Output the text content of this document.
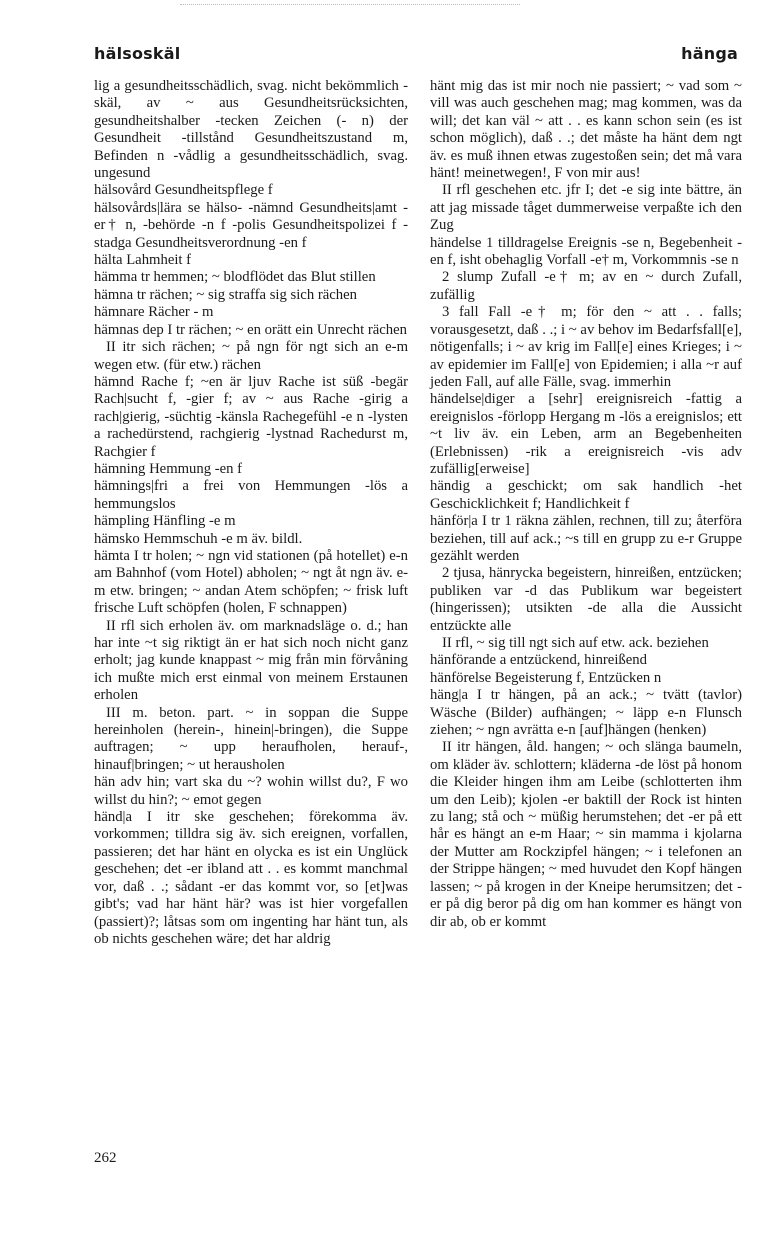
hälsoskäl	hänga

lig a gesundheitsschädlich, svag. nicht bekömmlich -skäl, av ~ aus Gesundheitsrücksichten, gesundheitshalber -tecken Zeichen (- n) der Gesundheit -tillstånd Gesundheitszustand m, Befinden n -vådlig a gesundheitsschädlich, svag. ungesund

hälsovård Gesundheitspflege f

hälsovårds|lära se hälso- -nämnd Gesundheits|amt -er† n, -behörde -n f -polis Gesundheitspolizei f -stadga Gesundheitsverordnung -en f

hälta Lahmheit f

hämma tr hemmen; ~ blodflödet das Blut stillen

hämna tr rächen; ~ sig straffa sig sich rächen

hämnare Rächer - m

hämnas dep I tr rächen; ~ en orätt ein Unrecht rächen

II itr sich rächen; ~ på ngn för ngt sich an e-m wegen etw. (für etw.) rächen

hämnd Rache f; ~en är ljuv Rache ist süß -begär Rach|sucht f, -gier f; av ~ aus Rache -girig a rach|gierig, -süchtig -känsla Rachegefühl -e n -lysten a rachedürstend, rachgierig -lystnad Rachedurst m, Rachgier f

hämning Hemmung -en f

hämnings|fri a frei von Hemmungen -lös a hemmungslos

hämpling Hänfling -e m

hämsko Hemmschuh -e m äv. bildl.

hämta I tr holen; ~ ngn vid stationen (på hotellet) e-n am Bahnhof (vom Hotel) abholen; ~ ngt åt ngn äv. e-m etw. bringen; ~ andan Atem schöpfen; ~ frisk luft frische Luft schöpfen (holen, F schnappen)

II rfl sich erholen äv. om marknadsläge o. d.; han har inte ~t sig riktigt än er hat sich noch nicht ganz erholt; jag kunde knappast ~ mig från min förvåning ich mußte mich erst einmal von meinem Erstaunen erholen

III m. beton. part. ~ in soppan die Suppe hereinholen (herein-, hinein|-bringen), die Suppe auftragen; ~ upp heraufholen, herauf-, hinauf|bringen; ~ ut herausholen

hän adv hin; vart ska du ~? wohin willst du?, F wo willst du hin?; ~ emot gegen

händ|a I itr ske geschehen; förekomma äv. vorkommen; tilldra sig äv. sich ereignen, vorfallen, passieren; det har hänt en olycka es ist ein Unglück geschehen; det -er ibland att . . es kommt manchmal vor, daß . .; sådant -er das kommt vor, so [et]was gibt's; vad har hänt här? was ist hier vorgefallen (passiert)?; låtsas som om ingenting har hänt tun, als ob nichts geschehen wäre; det har aldrig

hänt mig das ist mir noch nie passiert; ~ vad som ~ vill was auch geschehen mag; mag kommen, was da will; det kan väl ~ att . . es kann schon sein (es ist schon möglich), daß . .; det måste ha hänt dem ngt äv. es muß ihnen etwas zugestoßen sein; det må vara hänt! meinetwegen!, F von mir aus!

II rfl geschehen etc. jfr I; det -e sig inte bättre, än att jag missade tåget dummerweise verpaßte ich den Zug

händelse 1 tilldragelse Ereignis -se n, Begebenheit -en f, isht obehaglig Vorfall -e† m, Vorkommnis -se n

2 slump Zufall -e† m; av en ~ durch Zufall, zufällig

3 fall Fall -e† m; för den ~ att . . falls; vorausgesetzt, daß . .; i ~ av behov im Bedarfsfall[e], nötigenfalls; i ~ av krig im Fall[e] eines Krieges; i ~ av epidemier im Fall[e] von Epidemien; i alla ~r auf jeden Fall, auf alle Fälle, svag. immerhin

händelse|diger a [sehr] ereignisreich -fattig a ereignislos -förlopp Hergang m -lös a ereignislos; ett ~t liv äv. ein Leben, arm an Begebenheiten (Erlebnissen) -rik a ereignisreich -vis adv zufällig[erweise]

händig a geschickt; om sak handlich -het Geschicklichkeit f; Handlichkeit f

hänför|a I tr 1 räkna zählen, rechnen, till zu; återföra beziehen, till auf ack.; ~s till en grupp zu e-r Gruppe gezählt werden

2 tjusa, hänrycka begeistern, hinreißen, entzücken; publiken var -d das Publikum war begeistert (hingerissen); utsikten -de alla die Aussicht entzückte alle

II rfl, ~ sig till ngt sich auf etw. ack. beziehen

hänförande a entzückend, hinreißend

hänförelse Begeisterung f, Entzücken n

häng|a I tr hängen, på an ack.; ~ tvätt (tavlor) Wäsche (Bilder) aufhängen; ~ läpp e-n Flunsch ziehen; ~ ngn avrätta e-n [auf]hängen (henken)

II itr hängen, åld. hangen; ~ och slänga baumeln, om kläder äv. schlottern; kläderna -de löst på honom die Kleider hingen ihm am Leibe (schlotterten ihm um den Leib); kjolen -er baktill der Rock ist hinten zu lang; stå och ~ müßig herumstehen; det -er på ett hår es hängt an e-m Haar; ~ sin mamma i kjolarna der Mutter am Rockzipfel hängen; ~ i telefonen an der Strippe hängen; ~ med huvudet den Kopf hängen lassen; ~ på krogen in der Kneipe herumsitzen; det -er på dig beror på dig om han kommer es hängt von dir ab, ob er kommt

262
